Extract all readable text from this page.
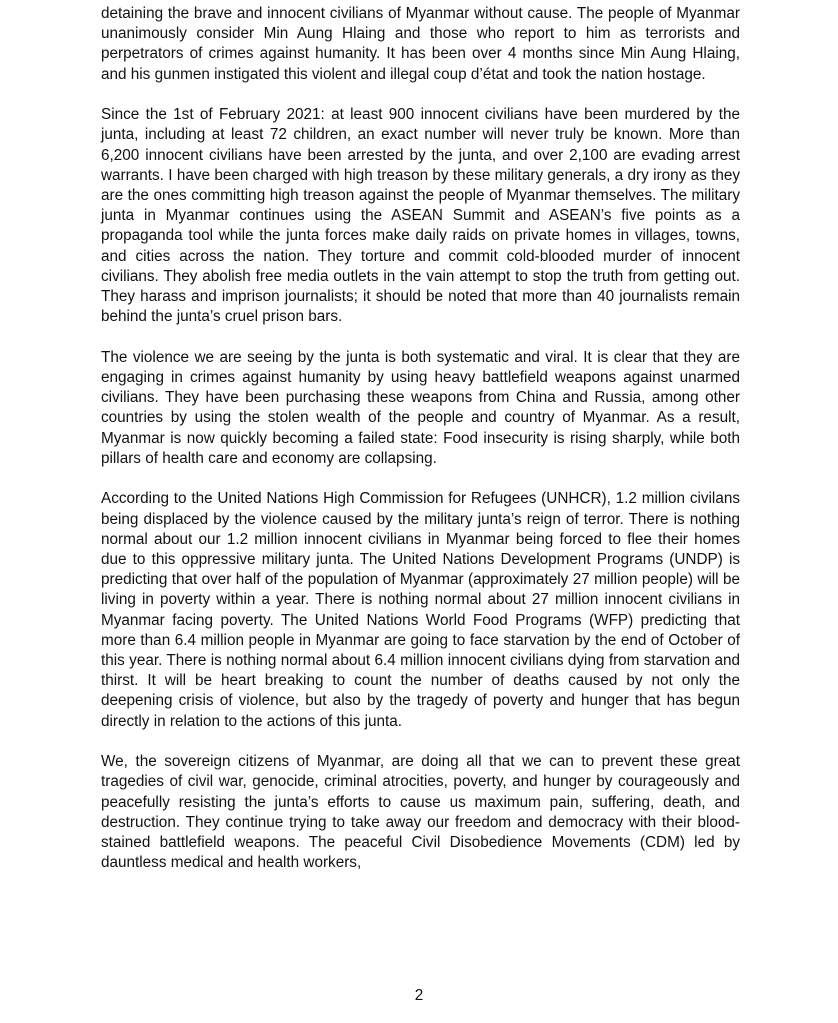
detaining the brave and innocent civilians of Myanmar without cause. The people of Myanmar unanimously consider Min Aung Hlaing and those who report to him as terrorists and perpetrators of crimes against humanity. It has been over 4 months since Min Aung Hlaing, and his gunmen instigated this violent and illegal coup d’état and took the nation hostage.

Since the 1st of February 2021: at least 900 innocent civilians have been murdered by the junta, including at least 72 children, an exact number will never truly be known. More than 6,200 innocent civilians have been arrested by the junta, and over 2,100 are evading arrest warrants. I have been charged with high treason by these military generals, a dry irony as they are the ones committing high treason against the people of Myanmar themselves. The military junta in Myanmar continues using the ASEAN Summit and ASEAN’s five points as a propaganda tool while the junta forces make daily raids on private homes in villages, towns, and cities across the nation. They torture and commit cold-blooded murder of innocent civilians. They abolish free media outlets in the vain attempt to stop the truth from getting out. They harass and imprison journalists; it should be noted that more than 40 journalists remain behind the junta’s cruel prison bars.

The violence we are seeing by the junta is both systematic and viral. It is clear that they are engaging in crimes against humanity by using heavy battlefield weapons against unarmed civilians. They have been purchasing these weapons from China and Russia, among other countries by using the stolen wealth of the people and country of Myanmar. As a result, Myanmar is now quickly becoming a failed state: Food insecurity is rising sharply, while both pillars of health care and economy are collapsing.

According to the United Nations High Commission for Refugees (UNHCR), 1.2 million civilans being displaced by the violence caused by the military junta’s reign of terror. There is nothing normal about our 1.2 million innocent civilians in Myanmar being forced to flee their homes due to this oppressive military junta. The United Nations Development Programs (UNDP) is predicting that over half of the population of Myanmar (approximately 27 million people) will be living in poverty within a year. There is nothing normal about 27 million innocent civilians in Myanmar facing poverty. The United Nations World Food Programs (WFP) predicting that more than 6.4 million people in Myanmar are going to face starvation by the end of October of this year. There is nothing normal about 6.4 million innocent civilians dying from starvation and thirst. It will be heart breaking to count the number of deaths caused by not only the deepening crisis of violence, but also by the tragedy of poverty and hunger that has begun directly in relation to the actions of this junta.

We, the sovereign citizens of Myanmar, are doing all that we can to prevent these great tragedies of civil war, genocide, criminal atrocities, poverty, and hunger by courageously and peacefully resisting the junta’s efforts to cause us maximum pain, suffering, death, and destruction. They continue trying to take away our freedom and democracy with their blood-stained battlefield weapons. The peaceful Civil Disobedience Movements (CDM) led by dauntless medical and health workers,

2
